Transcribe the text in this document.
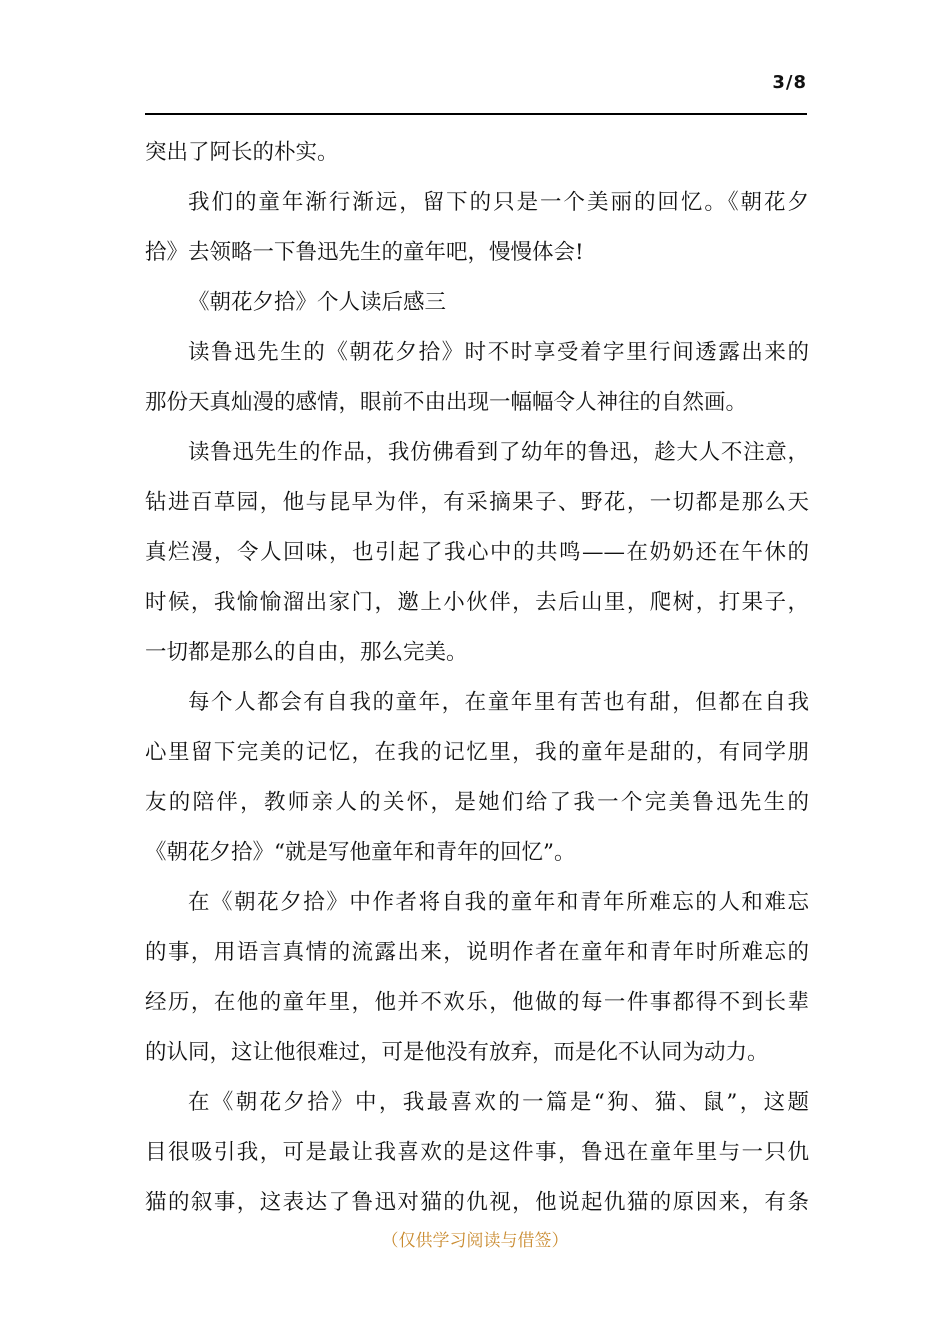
3/8
突出了阿长的朴实。
我们的童年渐行渐远，留下的只是一个美丽的回忆。《朝花夕
拾》去领略一下鲁迅先生的童年吧，慢慢体会!
《朝花夕拾》个人读后感三
读鲁迅先生的《朝花夕拾》时不时享受着字里行间透露出来的
那份天真灿漫的感情，眼前不由出现一幅幅令人神往的自然画。
读鲁迅先生的作品，我仿佛看到了幼年的鲁迅，趁大人不注意，
钻进百草园，他与昆早为伴，有采摘果子、野花，一切都是那么天
真烂漫，令人回味，也引起了我心中的共鸣——在奶奶还在午休的
时候，我愉愉溜出家门，邀上小伙伴，去后山里，爬树，打果子，
一切都是那么的自由，那么完美。
每个人都会有自我的童年，在童年里有苦也有甜，但都在自我
心里留下完美的记忆，在我的记忆里，我的童年是甜的，有同学朋
友的陪伴，教师亲人的关怀，是她们给了我一个完美鲁迅先生的
《朝花夕拾》“就是写他童年和青年的回忆”。
在《朝花夕拾》中作者将自我的童年和青年所难忘的人和难忘
的事，用语言真情的流露出来，说明作者在童年和青年时所难忘的
经历，在他的童年里，他并不欢乐，他做的每一件事都得不到长辈
的认同，这让他很难过，可是他没有放弃，而是化不认同为动力。
在《朝花夕拾》中，我最喜欢的一篇是“狗、猫、鼠”，这题
目很吸引我，可是最让我喜欢的是这件事，鲁迅在童年里与一只仇
猫的叙事，这表达了鲁迅对猫的仇视，他说起仇猫的原因来，有条
（仅供学习阅读与借签）
